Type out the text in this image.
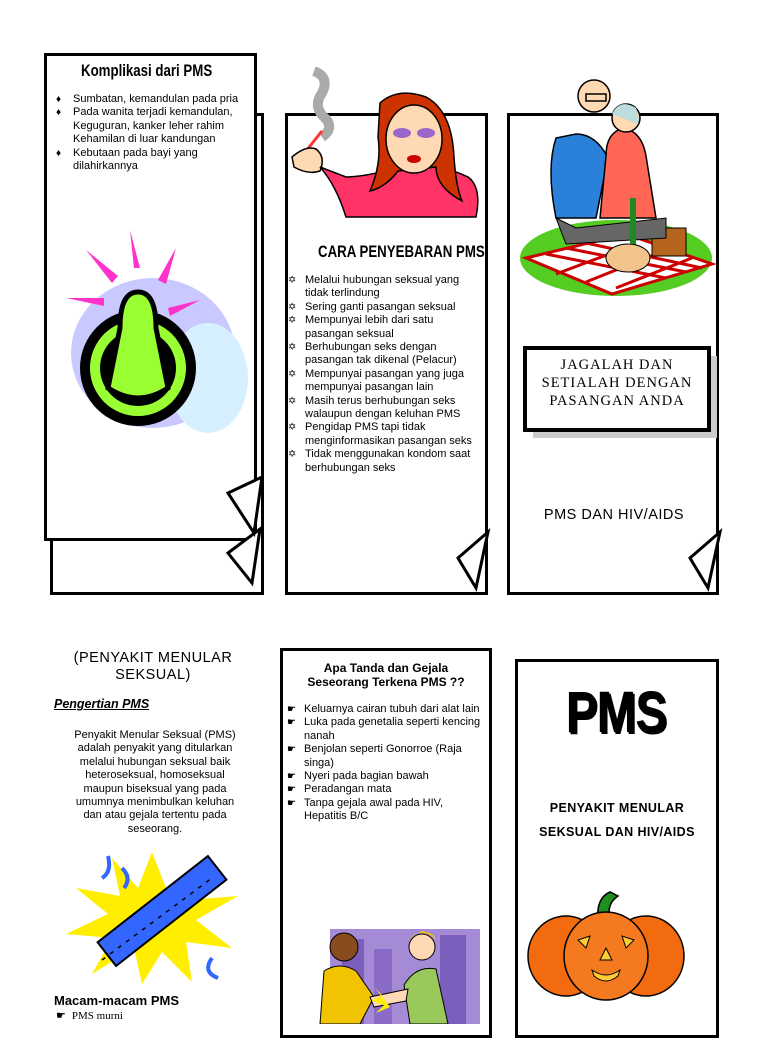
Komplikasi dari PMS
♦ Sumbatan, kemandulan pada pria
♦ Pada wanita terjadi kemandulan, Keguguran, kanker leher rahim Kehamilan di luar kandungan
♦ Kebutaan pada bayi yang dilahirkannya
CARA PENYEBARAN PMS
✡ Melalui hubungan seksual yang tidak terlindung
✡ Sering ganti pasangan seksual
✡ Mempunyai lebih dari satu pasangan seksual
✡ Berhubungan seks dengan pasangan tak dikenal (Pelacur)
✡ Mempunyai pasangan yang juga mempunyai pasangan lain
✡ Masih terus berhubungan seks walaupun dengan keluhan PMS
✡ Pengidap PMS tapi tidak menginformasikan pasangan seks
✡ Tidak menggunakan kondom saat berhubungan seks
JAGALAH DAN
SETIALAH DENGAN
PASANGAN ANDA
PMS DAN HIV/AIDS
(PENYAKIT MENULAR
SEKSUAL)
Pengertian PMS
Penyakit Menular Seksual (PMS)
adalah penyakit yang ditularkan
melalui hubungan seksual baik
heteroseksual, homoseksual
maupun biseksual yang pada
umumnya menimbulkan keluhan
dan atau gejala tertentu pada
seseorang.
Macam-macam PMS
☛ PMS murni
Apa Tanda dan Gejala
Seseorang Terkena PMS ??
☛ Keluarnya cairan tubuh dari alat lain
☛ Luka pada genetalia seperti kencing nanah
☛ Benjolan seperti Gonorroe (Raja singa)
☛ Nyeri pada bagian bawah
☛ Peradangan mata
☛ Tanpa gejala awal pada HIV, Hepatitis B/C
PMS
PENYAKIT MENULAR
SEKSUAL DAN HIV/AIDS
